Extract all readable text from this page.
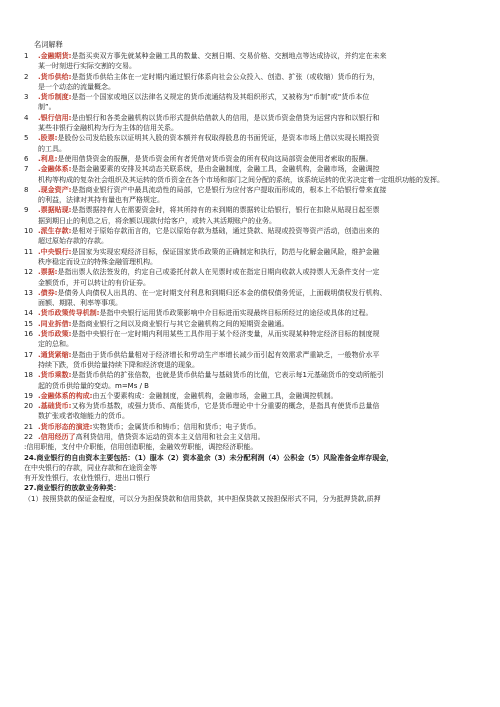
名词解释

1 .金融期货:是指买卖双方事先就某种金融工具的数量、交割日期、交易价格、交割地点等达成协议，并约定在未来
某一时刻进行实际交割的交易。

2 .货币供给:是指货币供给主体在一定时期内通过银行体系向社会公众投入、创造、扩张（或收缩）货币的行为，
是一个动态的流量概念。

3 .货币制度:是指一个国家或地区以法律名义规定的货币流通结构及其组织形式，又被称为“币制”或“货币本位
制”。

4 .银行信用:是由银行和各类金融机构以货币形式提供给借款人的信用，是以货币资金借贷为运营内容和以银行和
某些非银行金融机构为行为主体的信用关系。

5 .股票:是股份公司发给股东以证明其入股的资本额并有权取得股息的书面凭证，是资本市场上借以实现长期投资
的工具。

6 .利息:是使用借贷资金的报酬，是货币资金所有者凭借对货币资金的所有权向这局部资金使用者索取的报酬。

7 .金融体系:是指金融要素的安排及其动态关联系统，是由金融制度，金融工具，金融机构，金融市场，金融调控
机构等构成的复杂社会组织及其运转的货币资金在各个市场和部门之间分配的系统，该系统运转的优劣决定着一定组织功能的发挥。

8 .现金资产:是指商业银行资产中最具流动性的局部，它是银行为应付客户提取而形成的，根本上不给银行带来直接
的利益，法律对其持有量也有严格规定。

9 .票据贴现:是指票据持有人在需要资金时，将其所持有的未到期的票据转让给银行，银行在扣除从贴现日起至票
据到期日止的利息之后，将余额以现款付给客户，或转入其活期账户的业务。

10 .派生存款:是相对于原始存款而言的，它是以原始存款为基础，通过贷款、贴现或投资等资产活动，创造出来的
超过原始存款的存款。

11 .中央银行:是国家为实现宏观经济目标，保证国家货币政策的正确制定和执行，防范与化解金融风险，维护金融
秩序稳定而设立的特殊金融管理机构。

12 .票据:是指出票人依法签发的，约定自己或委托付款人在见票时或在指定日期向收款人或持票人无条件支付一定
金额货币，并可以转让的有价证券。

13 .债券:是债务人向债权人出具的、在一定时期支付利息和到期归还本金的债权债务凭证，上面载明债权发行机构、
面额、期限、利率等事项。

14 .货币政策传导机制:是指中央银行运用货币政策影响中介目标进而实现最终目标所经过的途径或具体的过程。

15 .同业拆借:是指商业银行之间以及商业银行与其它金融机构之间的短期资金融通。

16 .货币政策:是指中央银行在一定时期内利用某些工具作用于某个经济变量，从而实现某种特定经济目标的制度规
定的总和。

17 .通货紧缩:是指由于货币供给量相对于经济增长和劳动生产率增长减少而引起有效需求严重缺乏，一般物价水平
持续下跌，货币供给量持续下降和经济衰退的现象。

18 .货币乘数:是指货币供给的扩张倍数，也就是货币供给量与基础货币的比值，它表示每1元基础货币的变动所能引
起的货币供给量的变动。m=Ms / B

19 .金融体系的构成:由五个要素构成：金融制度，金融机构，金融市场，金融工具，金融调控机制。

20 .基础货币:又称为货币基数，或强力货币、高能货币，它是货币理论中十分重要的概念，是指具有使货币总量倍
数扩张或者收缩能力的货币。

21 .货币形态的演进:实物货币；金属货币和铸币；信用和货币；电子货币。

22 .信用经历了高利贷信用，借贷资本运动的资本主义信用和社会主义信用。

:信用职能，支付中介职能，信用创造职能，金融效劳职能，调控经济职能。

24.商业银行的自由资本主要包括：（1）服本（2）资本盈余（3）未分配利润（4）公积金（5）风险准备金库存现金，

在中央银行的存款，同业存款和在途资金等

有开发性银行，农业性银行，进出口银行

27.商业银行的放款业务种类：

（1）按照贷款的保证金程度，可以分为担保贷款和信用贷款，其中担保贷款又按担保形式不同，分为抵押贷款,质押
